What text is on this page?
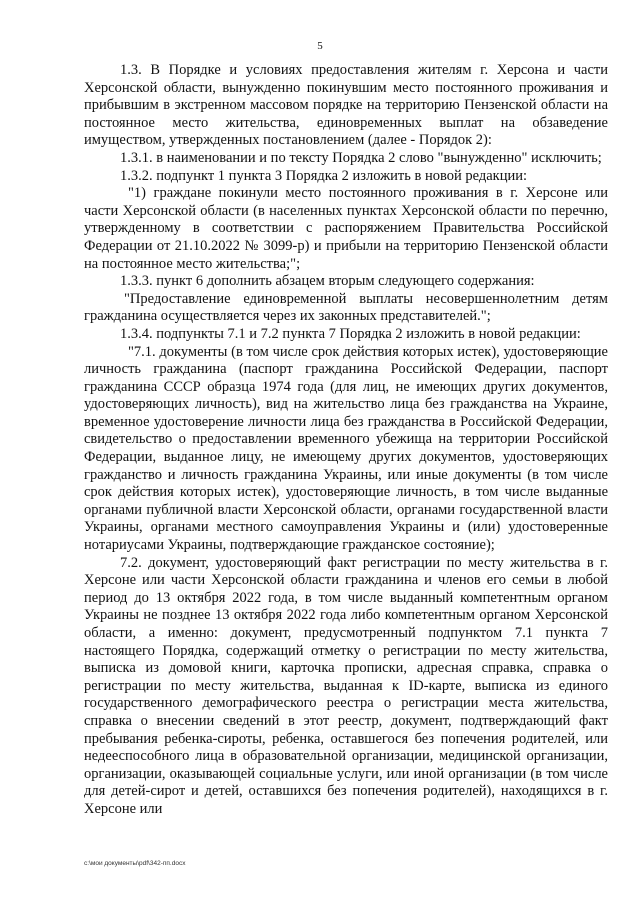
5

1.3. В Порядке и условиях предоставления жителям г. Херсона и части Херсонской области, вынужденно покинувшим место постоянного проживания и прибывшим в экстренном массовом порядке на территорию Пензенской области на постоянное место жительства, единовременных выплат на обзаведение имуществом, утвержденных постановлением (далее - Порядок 2):

1.3.1. в наименовании и по тексту Порядка 2 слово "вынужденно" исключить;

1.3.2. подпункт 1 пункта 3 Порядка 2 изложить в новой редакции:

"1) граждане покинули место постоянного проживания в г. Херсоне или части Херсонской области (в населенных пунктах Херсонской области по перечню, утвержденному в соответствии с распоряжением Правительства Российской Федерации от 21.10.2022 № 3099-р) и прибыли на территорию Пензенской области на постоянное место жительства;";

1.3.3. пункт 6 дополнить абзацем вторым следующего содержания:

"Предоставление единовременной выплаты несовершеннолетним детям гражданина осуществляется через их законных представителей.";

1.3.4. подпункты 7.1 и 7.2 пункта 7 Порядка 2 изложить в новой редакции:

"7.1. документы (в том числе срок действия которых истек), удостоверяющие личность гражданина (паспорт гражданина Российской Федерации, паспорт гражданина СССР образца 1974 года (для лиц, не имеющих других документов, удостоверяющих личность), вид на жительство лица без гражданства на Украине, временное удостоверение личности лица без гражданства в Российской Федерации, свидетельство о предоставлении временного убежища на территории Российской Федерации, выданное лицу, не имеющему других документов, удостоверяющих гражданство и личность гражданина Украины, или иные документы (в том числе срок действия которых истек), удостоверяющие личность, в том числе выданные органами публичной власти Херсонской области, органами государственной власти Украины, органами местного самоуправления Украины и (или) удостоверенные нотариусами Украины, подтверждающие гражданское состояние);

7.2. документ, удостоверяющий факт регистрации по месту жительства в г. Херсоне или части Херсонской области гражданина и членов его семьи в любой период до 13 октября 2022 года, в том числе выданный компетентным органом Украины не позднее 13 октября 2022 года либо компетентным органом Херсонской области, а именно: документ, предусмотренный подпунктом 7.1 пункта 7 настоящего Порядка, содержащий отметку о регистрации по месту жительства, выписка из домовой книги, карточка прописки, адресная справка, справка о регистрации по месту жительства, выданная к ID-карте, выписка из единого государственного демографического реестра о регистрации места жительства, справка о внесении сведений в этот реестр, документ, подтверждающий факт пребывания ребенка-сироты, ребенка, оставшегося без попечения родителей, или недееспособного лица в образовательной организации, медицинской организации, организации, оказывающей социальные услуги, или иной организации (в том числе для детей-сирот и детей, оставшихся без попечения родителей), находящихся в г. Херсоне или

c:\мои документы\pdf\342-пп.docx
